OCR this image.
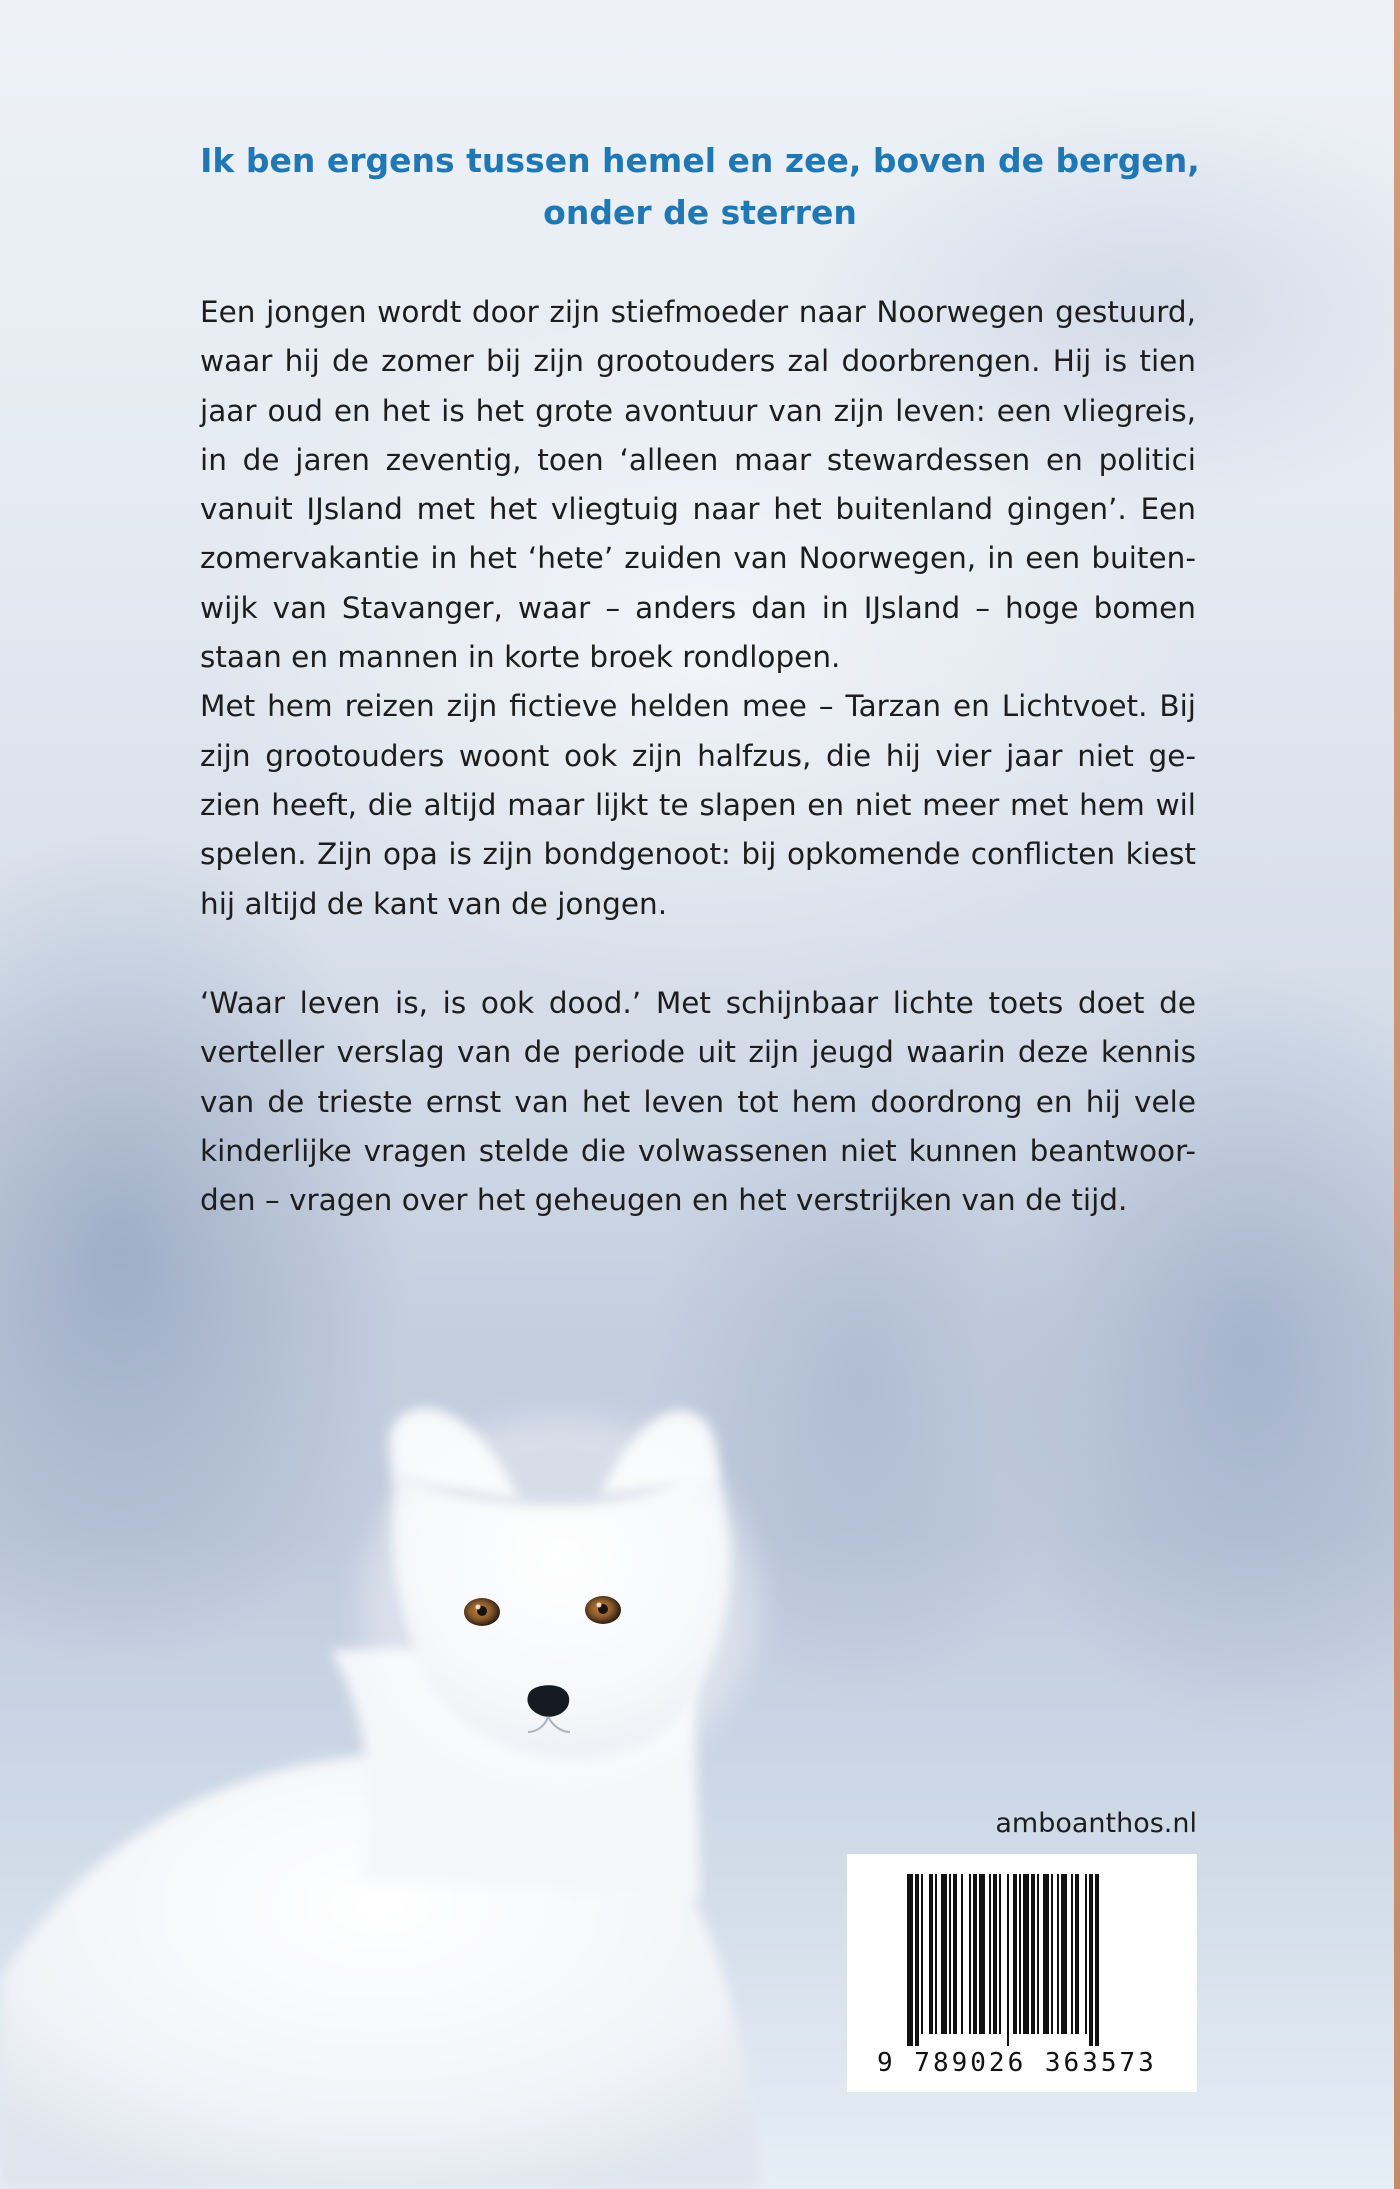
Ik ben ergens tussen hemel en zee, boven de bergen,
onder de sterren
Een jongen wordt door zijn stiefmoeder naar Noorwegen gestuurd,
waar hij de zomer bij zijn grootouders zal doorbrengen. Hij is tien
jaar oud en het is het grote avontuur van zijn leven: een vliegreis,
in de jaren zeventig, toen ‘alleen maar stewardessen en politici
vanuit IJsland met het vliegtuig naar het buitenland gingen’. Een
zomervakantie in het ‘hete’ zuiden van Noorwegen, in een buiten-
wijk van Stavanger, waar – anders dan in IJsland – hoge bomen
staan en mannen in korte broek rondlopen.
Met hem reizen zijn fictieve helden mee – Tarzan en Lichtvoet. Bij
zijn grootouders woont ook zijn halfzus, die hij vier jaar niet ge-
zien heeft, die altijd maar lijkt te slapen en niet meer met hem wil
spelen. Zijn opa is zijn bondgenoot: bij opkomende conflicten kiest
hij altijd de kant van de jongen.
‘Waar leven is, is ook dood.’ Met schijnbaar lichte toets doet de
verteller verslag van de periode uit zijn jeugd waarin deze kennis
van de trieste ernst van het leven tot hem doordrong en hij vele
kinderlijke vragen stelde die volwassenen niet kunnen beantwoor-
den – vragen over het geheugen en het verstrijken van de tijd.
amboanthos.nl
9 789026 363573
